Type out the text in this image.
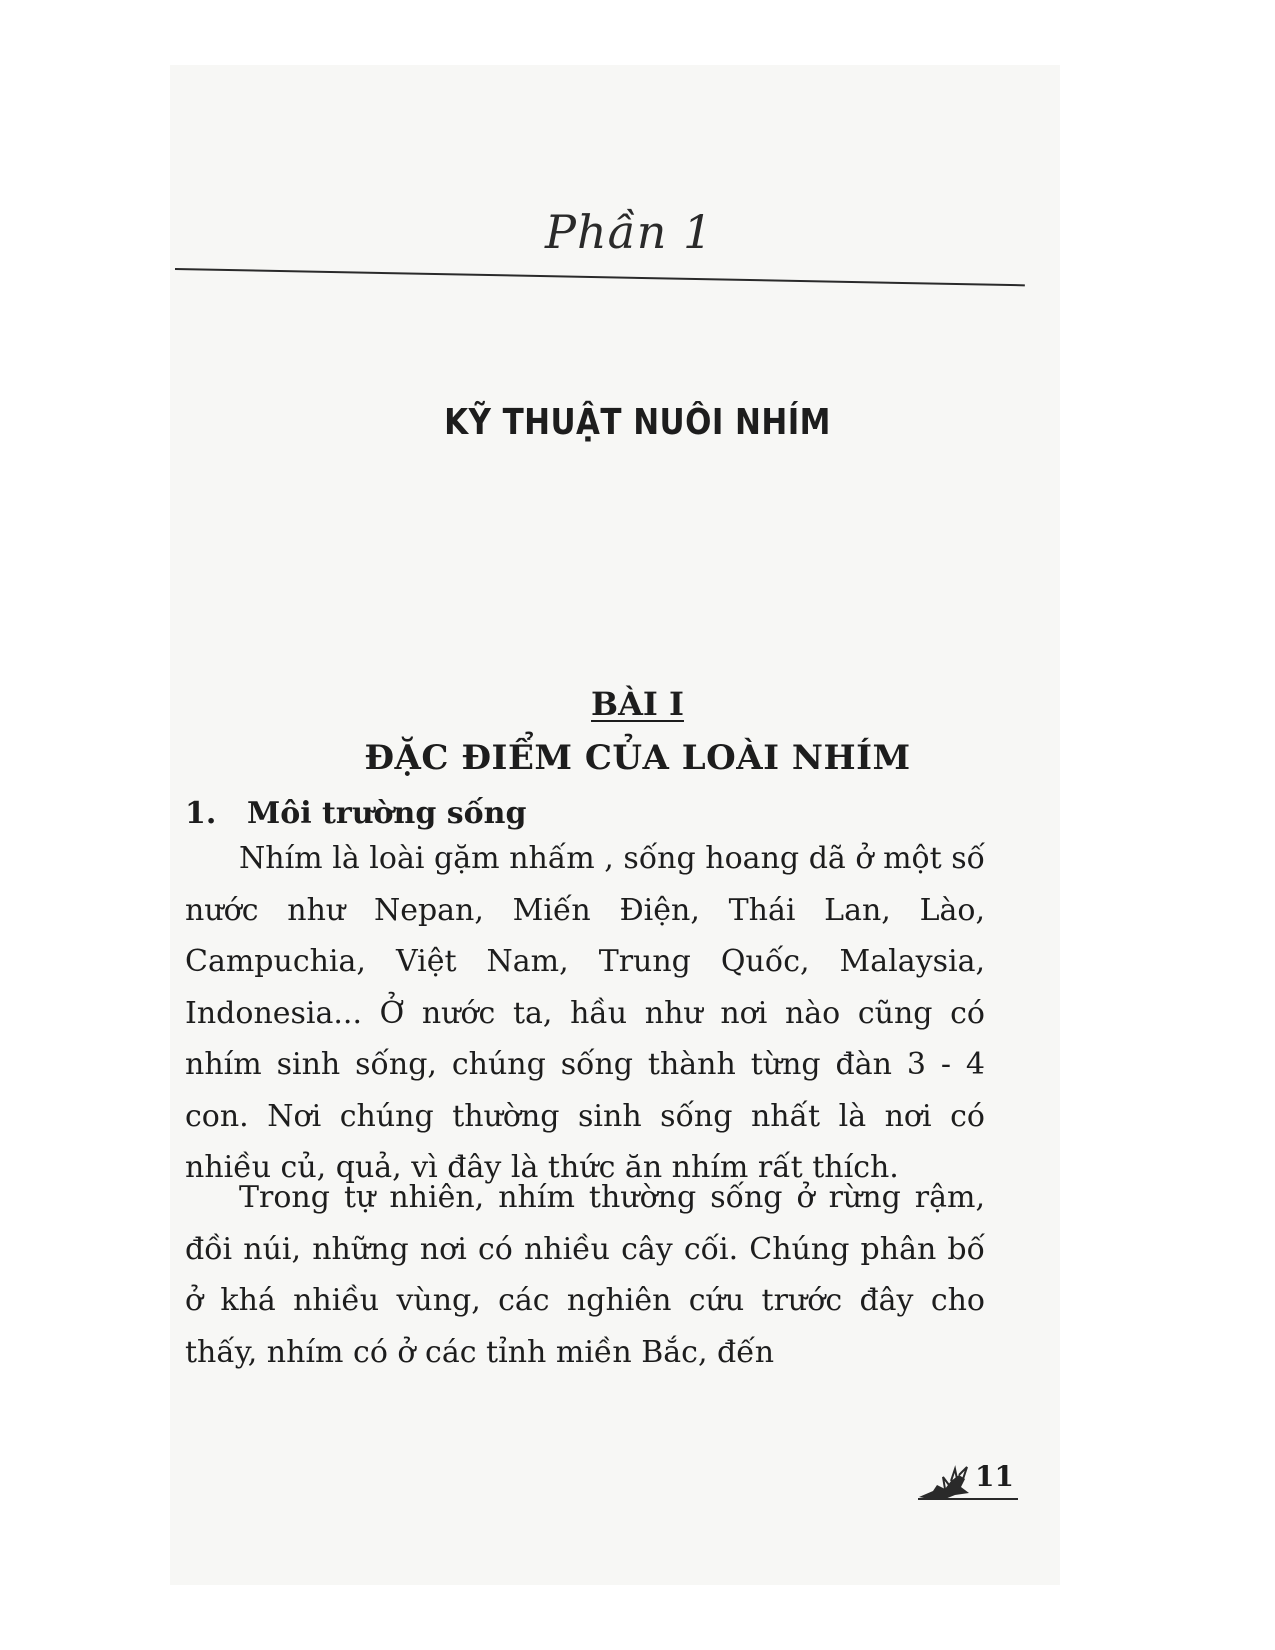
Phần 1
KỸ THUẬT NUÔI NHÍM
BÀI I
ĐẶC ĐIỂM CỦA LOÀI NHÍM
1. Môi trường sống

Nhím là loài gặm nhấm , sống hoang dã ở một số nước như Nepan, Miến Điện, Thái Lan, Lào, Campuchia, Việt Nam, Trung Quốc, Malaysia, Indonesia... Ở nước ta, hầu như nơi nào cũng có nhím sinh sống, chúng sống thành từng đàn 3 - 4 con. Nơi chúng thường sinh sống nhất là nơi có nhiều củ, quả, vì đây là thức ăn nhím rất thích.

Trong tự nhiên, nhím thường sống ở rừng rậm, đồi núi, những nơi có nhiều cây cối. Chúng phân bố ở khá nhiều vùng, các nghiên cứu trước đây cho thấy, nhím có ở các tỉnh miền Bắc, đến

11
